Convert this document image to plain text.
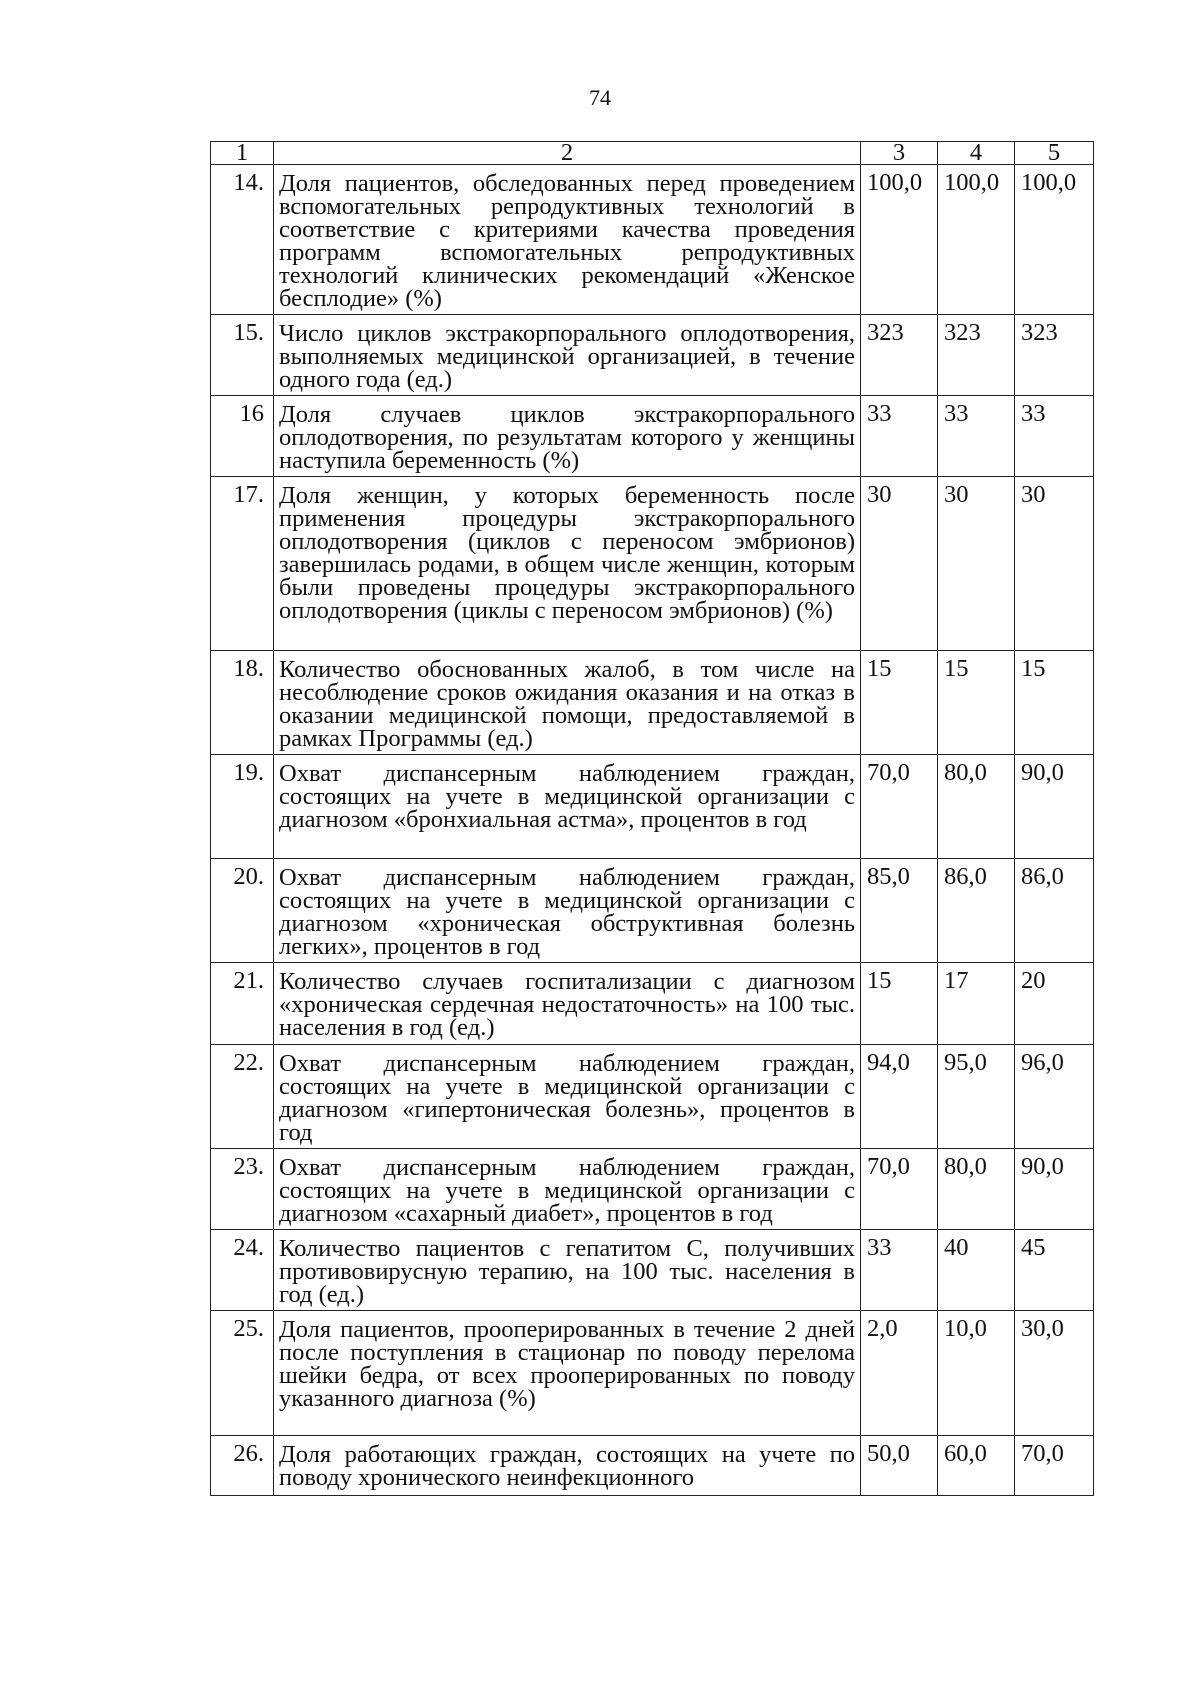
74
1	2	3	4	5
14.	Доля пациентов, обследованных перед проведением вспомогательных репродуктивных технологий в соответствие с критериями качества проведения программ вспомогательных репродуктивных технологий клинических рекомендаций «Женское бесплодие» (%)	100,0	100,0	100,0
15.	Число циклов экстракорпорального оплодотворения, выполняемых медицинской организацией, в течение одного года (ед.)	323	323	323
16	Доля случаев циклов экстракорпорального оплодотворения, по результатам которого у женщины наступила беременность (%)	33	33	33
17.	Доля женщин, у которых беременность после применения процедуры экстракорпорального оплодотворения (циклов с переносом эмбрионов) завершилась родами, в общем числе женщин, которым были проведены процедуры экстракорпорального оплодотворения (циклы с переносом эмбрионов) (%)	30	30	30
18.	Количество обоснованных жалоб, в том числе на несоблюдение сроков ожидания оказания и на отказ в оказании медицинской помощи, предоставляемой в рамках Программы (ед.)	15	15	15
19.	Охват диспансерным наблюдением граждан, состоящих на учете в медицинской организации с диагнозом «бронхиальная астма», процентов в год	70,0	80,0	90,0
20.	Охват диспансерным наблюдением граждан, состоящих на учете в медицинской организации с диагнозом «хроническая обструктивная болезнь легких», процентов в год	85,0	86,0	86,0
21.	Количество случаев госпитализации с диагнозом «хроническая сердечная недостаточность» на 100 тыс. населения в год (ед.)	15	17	20
22.	Охват диспансерным наблюдением граждан, состоящих на учете в медицинской организации с диагнозом «гипертоническая болезнь», процентов в год	94,0	95,0	96,0
23.	Охват диспансерным наблюдением граждан, состоящих на учете в медицинской организации с диагнозом «сахарный диабет», процентов в год	70,0	80,0	90,0
24.	Количество пациентов с гепатитом С, получивших противовирусную терапию, на 100 тыс. населения в год (ед.)	33	40	45
25.	Доля пациентов, прооперированных в течение 2 дней после поступления в стационар по поводу перелома шейки бедра, от всех прооперированных по поводу указанного диагноза (%)	2,0	10,0	30,0
26.	Доля работающих граждан, состоящих на учете по поводу хронического неинфекционного	50,0	60,0	70,0
